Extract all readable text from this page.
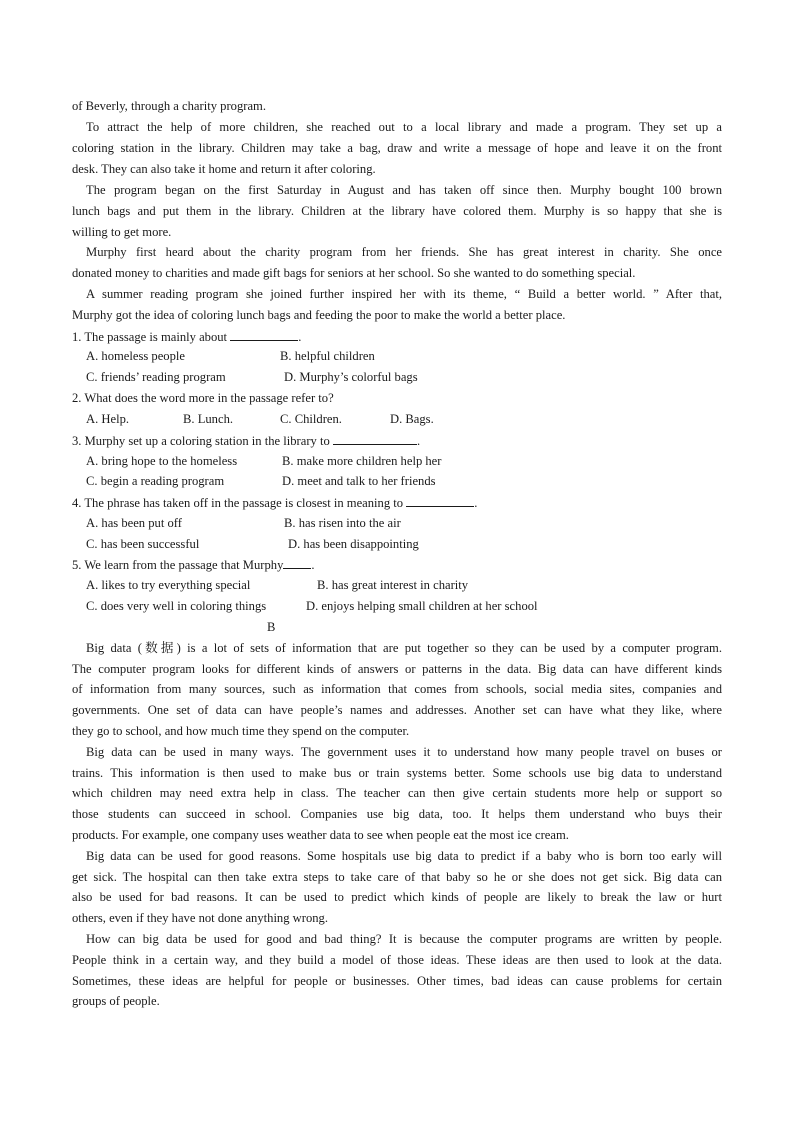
of Beverly, through a charity program.
To attract the help of more children, she reached out to a local library and made a program. They set up a
coloring station in the library. Children may take a bag, draw and write a message of hope and leave it on the front
desk. They can also take it home and return it after coloring.
The program began on the first Saturday in August and has taken off since then. Murphy bought 100 brown
lunch bags and put them in the library. Children at the library have colored them. Murphy is so happy that she is
willing to get more.
Murphy first heard about the charity program from her friends. She has great interest in charity. She once
donated money to charities and made gift bags for seniors at her school. So she wanted to do something special.
A summer reading program she joined further inspired her with its theme, “ Build a better world. ” After that,
Murphy got the idea of coloring lunch bags and feeding the poor to make the world a better place.
1. The passage is mainly about	.
A. homeless people	B. helpful children
C. friends’ reading program	D. Murphy’s colorful bags
2. What does the word more in the passage refer to?
A. Help.	B. Lunch.	C. Children.	D. Bags.
3. Murphy set up a coloring station in the library to	.
A. bring hope to the homeless	B. make more children help her
C. begin a reading program	D. meet and talk to her friends
4. The phrase has taken off in the passage is closest in meaning to	.
A. has been put off	B. has risen into the air
C. has been successful	D. has been disappointing
5. We learn from the passage that Murphy .
A. likes to try everything special	B. has great interest in charity
C. does very well in coloring things	D. enjoys helping small children at her school
B
Big data (数据) is a lot of sets of information that are put together so they can be used by a computer program.
The computer program looks for different kinds of answers or patterns in the data. Big data can have different kinds
of information from many sources, such as information that comes from schools, social media sites, companies and
governments. One set of data can have people’s names and addresses. Another set can have what they like, where
they go to school, and how much time they spend on the computer.
Big data can be used in many ways. The government uses it to understand how many people travel on buses or
trains. This information is then used to make bus or train systems better. Some schools use big data to understand
which children may need extra help in class. The teacher can then give certain students more help or support so
those students can succeed in school. Companies use big data, too. It helps them understand who buys their
products. For example, one company uses weather data to see when people eat the most ice cream.
Big data can be used for good reasons. Some hospitals use big data to predict if a baby who is born too early will
get sick. The hospital can then take extra steps to take care of that baby so he or she does not get sick. Big data can
also be used for bad reasons. It can be used to predict which kinds of people are likely to break the law or hurt
others, even if they have not done anything wrong.
How can big data be used for good and bad thing? It is because the computer programs are written by people.
People think in a certain way, and they build a model of those ideas. These ideas are then used to look at the data.
Sometimes, these ideas are helpful for people or businesses. Other times, bad ideas can cause problems for certain
groups of people.
